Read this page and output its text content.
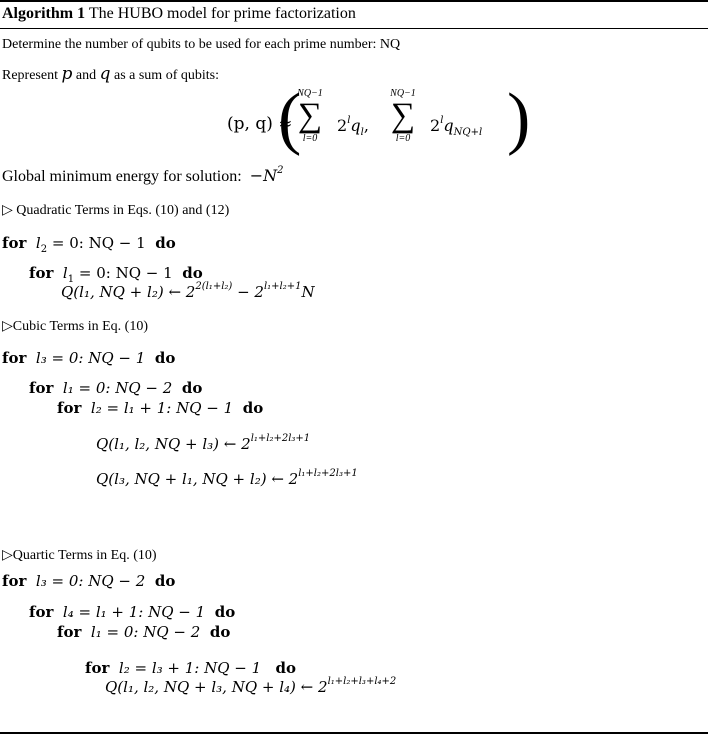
Algorithm 1 The HUBO model for prime factorization
Determine the number of qubits to be used for each prime number: NQ
Represent p and q as a sum of qubits:
(p, q) ≈
(
NQ−1
∑
l=0
$2^lq_l$,
NQ−1
∑
l=0
$2^lq_{NQ+l}$ )
Global minimum energy for solution: $-N^2$
▷ Quadratic Terms in Eqs. (10) and (12)
for $l_2 = 0$: NQ − 1 do
for $l_1 = 0$: NQ − 1 do
Q(l₁, NQ + l₂) ← $2^{2(l_1+l_2)} - 2^{l_1+l_2+1}N$
▷Cubic Terms in Eq. (10)
for l₃ = 0: NQ − 1 do
for l₁ = 0: NQ − 2 do
for l₂ = l₁ + 1: NQ − 1 do
Q(l₁, l₂, NQ + l₃) ← $2^{l_1+l_2+2l_3+1}$
Q(l₃, NQ + l₁, NQ + l₂) ← $2^{l_1+l_2+2l_3+1}$
▷Quartic Terms in Eq. (10)
for l₃ = 0: NQ − 2 do
for l₄ = l₁ + 1: NQ − 1 do
for l₁ = 0: NQ − 2 do
for l₂ = l₃ + 1: NQ − 1 do
Q(l₁, l₂, NQ + l₃, NQ + l₄) ← $2^{l_1+l_2+l_3+l_4+2}$
